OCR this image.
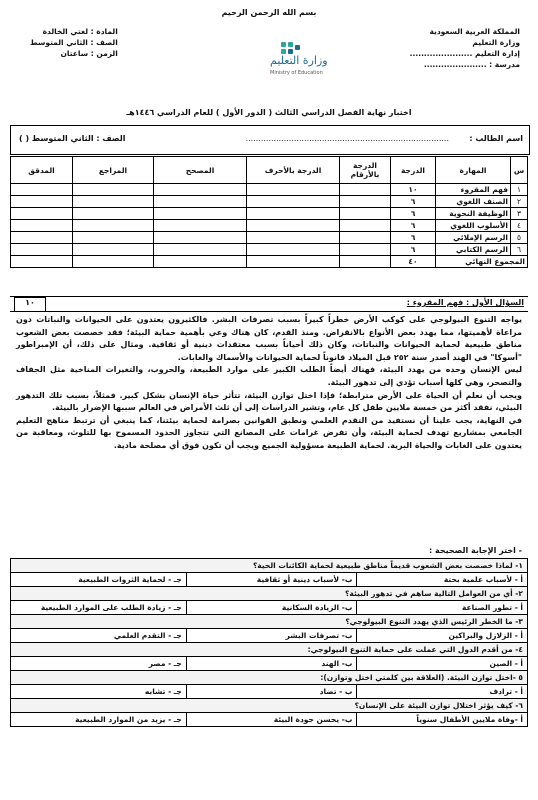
بسم الله الرحمن الرحيم
المملكة العربية السعودية
وزارة التعليم
إدارة التعليم ......................
مدرسة : ......................
المادة : لغتي الخالدة
الصف : الثاني المتوسط
الزمن : ساعتان
وزارة التعليم
Ministry of Education
اختبار نهاية الفصل الدراسي الثالث ( الدور الأول ) للعام الدراسي ١٤٤٦هـ
اسم الطالب :
................................................................................
الصف : الثاني المتوسط ( )
س	المهارة	الدرجة	الدرجة بالأرقام	الدرجة بالأحرف	المصحح	المراجع	المدقق
١	فهم المقروء	١٠					
٢	الصنف اللغوي	٦					
٣	الوظيفة النحوية	٦					
٤	الأسلوب اللغوي	٦					
٥	الرسم الإملائي	٦					
٦	الرسم الكتابي	٦					
المجموع النهائي		٤٠					
السؤال الأول : فهم المقروء :
١٠

يواجه التنوع البيولوجي على كوكب الأرض خطراً كبيراً بسبب تصرفات البشر. فالكثيرون يعتدون على الحيوانات والنباتات دون مراعاة لأهميتها، مما يهدد بعض الأنواع بالانقراض. ومنذ القدم، كان هناك وعي بأهمية حماية البيئة؛ فقد خصصت بعض الشعوب مناطق طبيعية لحماية الحيوانات والنباتات، وكان ذلك أحياناً بسبب معتقدات دينية أو ثقافية. ومثال على ذلك، أن الإمبراطور "أسوكا" في الهند أصدر سنة ٢٥٢ قبل الميلاد قانوناً لحماية الحيوانات والأسماك والغابات.

ليس الإنسان وحده من يهدد البيئة، فهناك أيضاً الطلب الكبير على موارد الطبيعة، والحروب، والتغيرات المناخية مثل الجفاف والتصحر، وهي كلها أسباب تؤدي إلى تدهور البيئة.

ويجب أن نعلم أن الحياة على الأرض مترابطة؛ فإذا اختل توازن البيئة، تتأثر حياة الإنسان بشكل كبير. فمثلاً، بسبب تلك التدهور البيئي، نفقد أكثر من خمسة ملايين طفل كل عام، وتشير الدراسات إلى أن ثلث الأمراض في العالم سببها الإضرار بالبيئة.

في النهاية، يجب علينا أن نستفيد من التقدم العلمي ونطبق القوانين بصرامة لحماية بيئتنا، كما ينبغي أن ترتبط مناهج التعليم الجامعي بمشاريع تهدف لحماية البيئة، وأن تفرض غرامات على المصانع التي تتجاوز الحدود المسموح بها للتلوث، ومعاقبة من يعتدون على الغابات والحياة البرية. لحماية الطبيعة مسؤولية الجميع ويجب أن تكون فوق أي مصلحة مادية.

- اختر الإجابة الصحيحة :
١- لماذا خصصت بعض الشعوب قديماً مناطق طبيعية لحماية الكائنات الحية؟		
أ - لأسباب علمية بحتة	ب- لأسباب دينية أو ثقافية	جـ - لحماية الثروات الطبيعية
٢- أي من العوامل التالية ساهم في تدهور البيئة؟		
أ - تطور الصناعة	ب- الزيادة السكانية	جـ - زيادة الطلب على الموارد الطبيعية
٣- ما الخطر الرئيس الذي يهدد التنوع البيولوجي؟		
أ - الزلازل والبراكين	ب- تصرفات البشر	جـ - التقدم العلمي
٤- من أقدم الدول التي عملت على حماية التنوع البيولوجي:		
أ - الصين	ب- الهند	جـ - مصر
٥ -اختل توازن البيئة. (العلاقة بين كلمتي اختل وتوازن):		
أ - ترادف	ب - تضاد	جـ - تشابه
٦- كيف يؤثر اختلال توازن البيئة على الإنسان؟		
أ -وفاة ملايين الأطفال سنوياً	ب- يحسن جودة البيئة	جـ - يزيد من الموارد الطبيعية
